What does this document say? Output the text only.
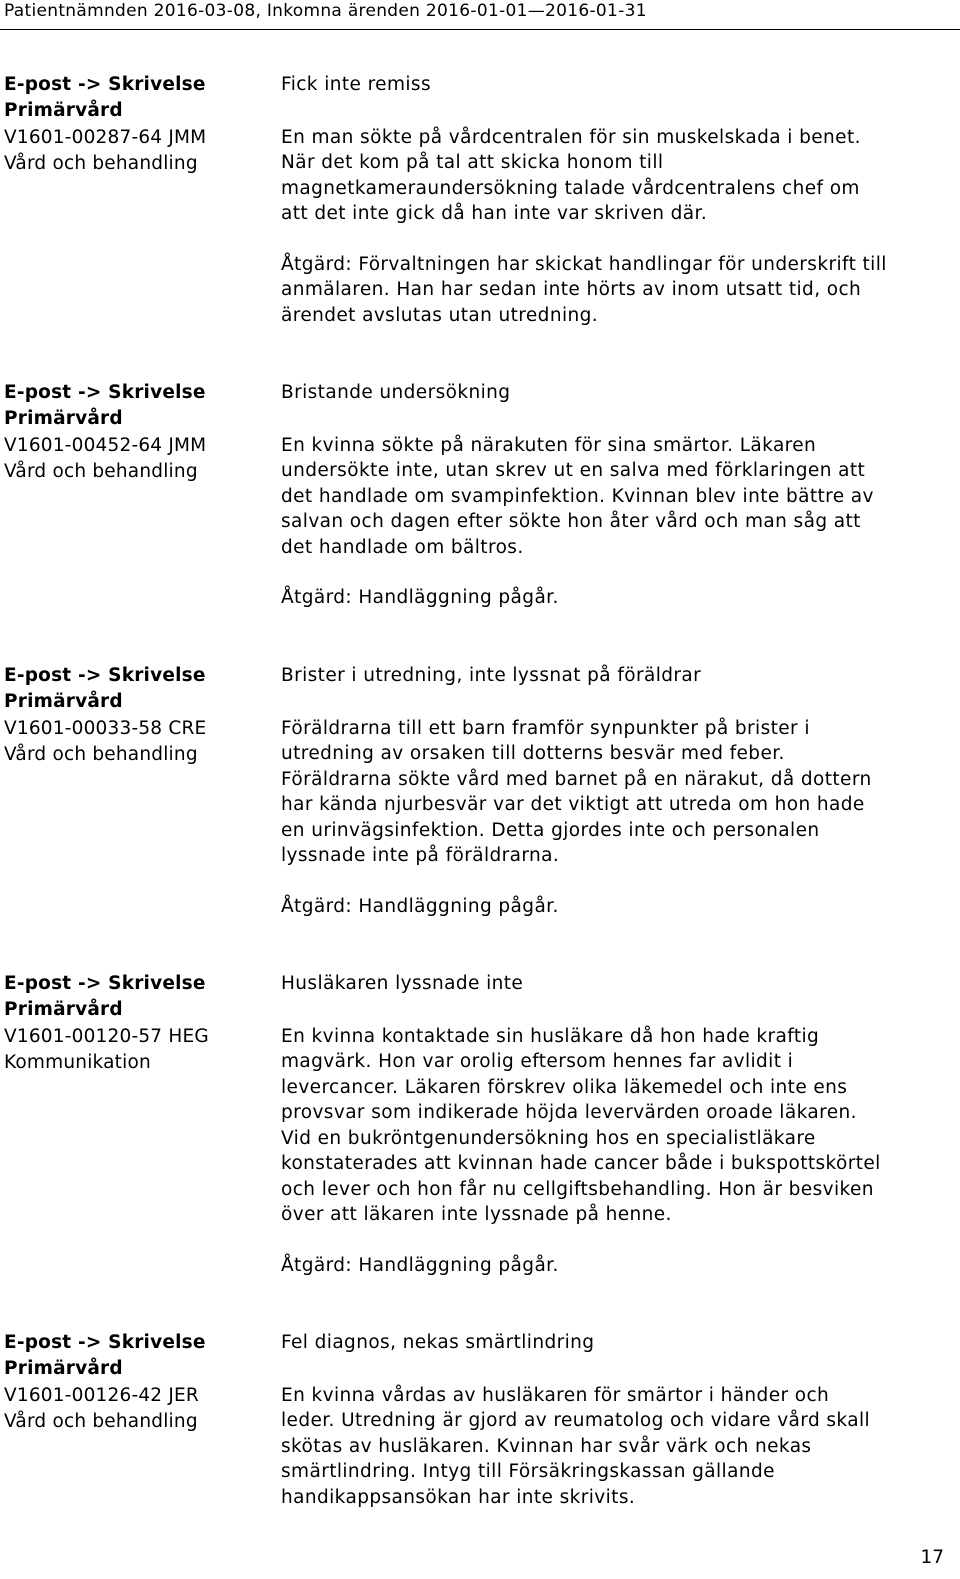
Patientnämnden 2016-03-08, Inkomna ärenden 2016-01-01—2016-01-31
E-post -> Skrivelse
Primärvård
V1601-00287-64 JMM
Vård och behandling

Fick inte remiss

En man sökte på vårdcentralen för sin muskelskada i benet.
När det kom på tal att skicka honom till
magnetkameraundersökning talade vårdcentralens chef om
att det inte gick då han inte var skriven där.

Åtgärd: Förvaltningen har skickat handlingar för underskrift till
anmälaren. Han har sedan inte hörts av inom utsatt tid, och
ärendet avslutas utan utredning.

E-post -> Skrivelse
Primärvård
V1601-00452-64 JMM
Vård och behandling

Bristande undersökning

En kvinna sökte på närakuten för sina smärtor. Läkaren
undersökte inte, utan skrev ut en salva med förklaringen att
det handlade om svampinfektion. Kvinnan blev inte bättre av
salvan och dagen efter sökte hon åter vård och man såg att
det handlade om bältros.

Åtgärd: Handläggning pågår.

E-post -> Skrivelse
Primärvård
V1601-00033-58 CRE
Vård och behandling

Brister i utredning, inte lyssnat på föräldrar

Föräldrarna till ett barn framför synpunkter på brister i
utredning av orsaken till dotterns besvär med feber.
Föräldrarna sökte vård med barnet på en närakut, då dottern
har kända njurbesvär var det viktigt att utreda om hon hade
en urinvägsinfektion. Detta gjordes inte och personalen
lyssnade inte på föräldrarna.

Åtgärd: Handläggning pågår.

E-post -> Skrivelse
Primärvård
V1601-00120-57 HEG
Kommunikation

Husläkaren lyssnade inte

En kvinna kontaktade sin husläkare då hon hade kraftig
magvärk. Hon var orolig eftersom hennes far avlidit i
levercancer. Läkaren förskrev olika läkemedel och inte ens
provsvar som indikerade höjda levervärden oroade läkaren.
Vid en bukröntgenundersökning hos en specialistläkare
konstaterades att kvinnan hade cancer både i bukspottskörtel
och lever och hon får nu cellgiftsbehandling. Hon är besviken
över att läkaren inte lyssnade på henne.

Åtgärd: Handläggning pågår.

E-post -> Skrivelse
Primärvård
V1601-00126-42 JER
Vård och behandling

Fel diagnos, nekas smärtlindring

En kvinna vårdas av husläkaren för smärtor i händer och
leder. Utredning är gjord av reumatolog och vidare vård skall
skötas av husläkaren. Kvinnan har svår värk och nekas
smärtlindring. Intyg till Försäkringskassan gällande
handikappsansökan har inte skrivits.

17
